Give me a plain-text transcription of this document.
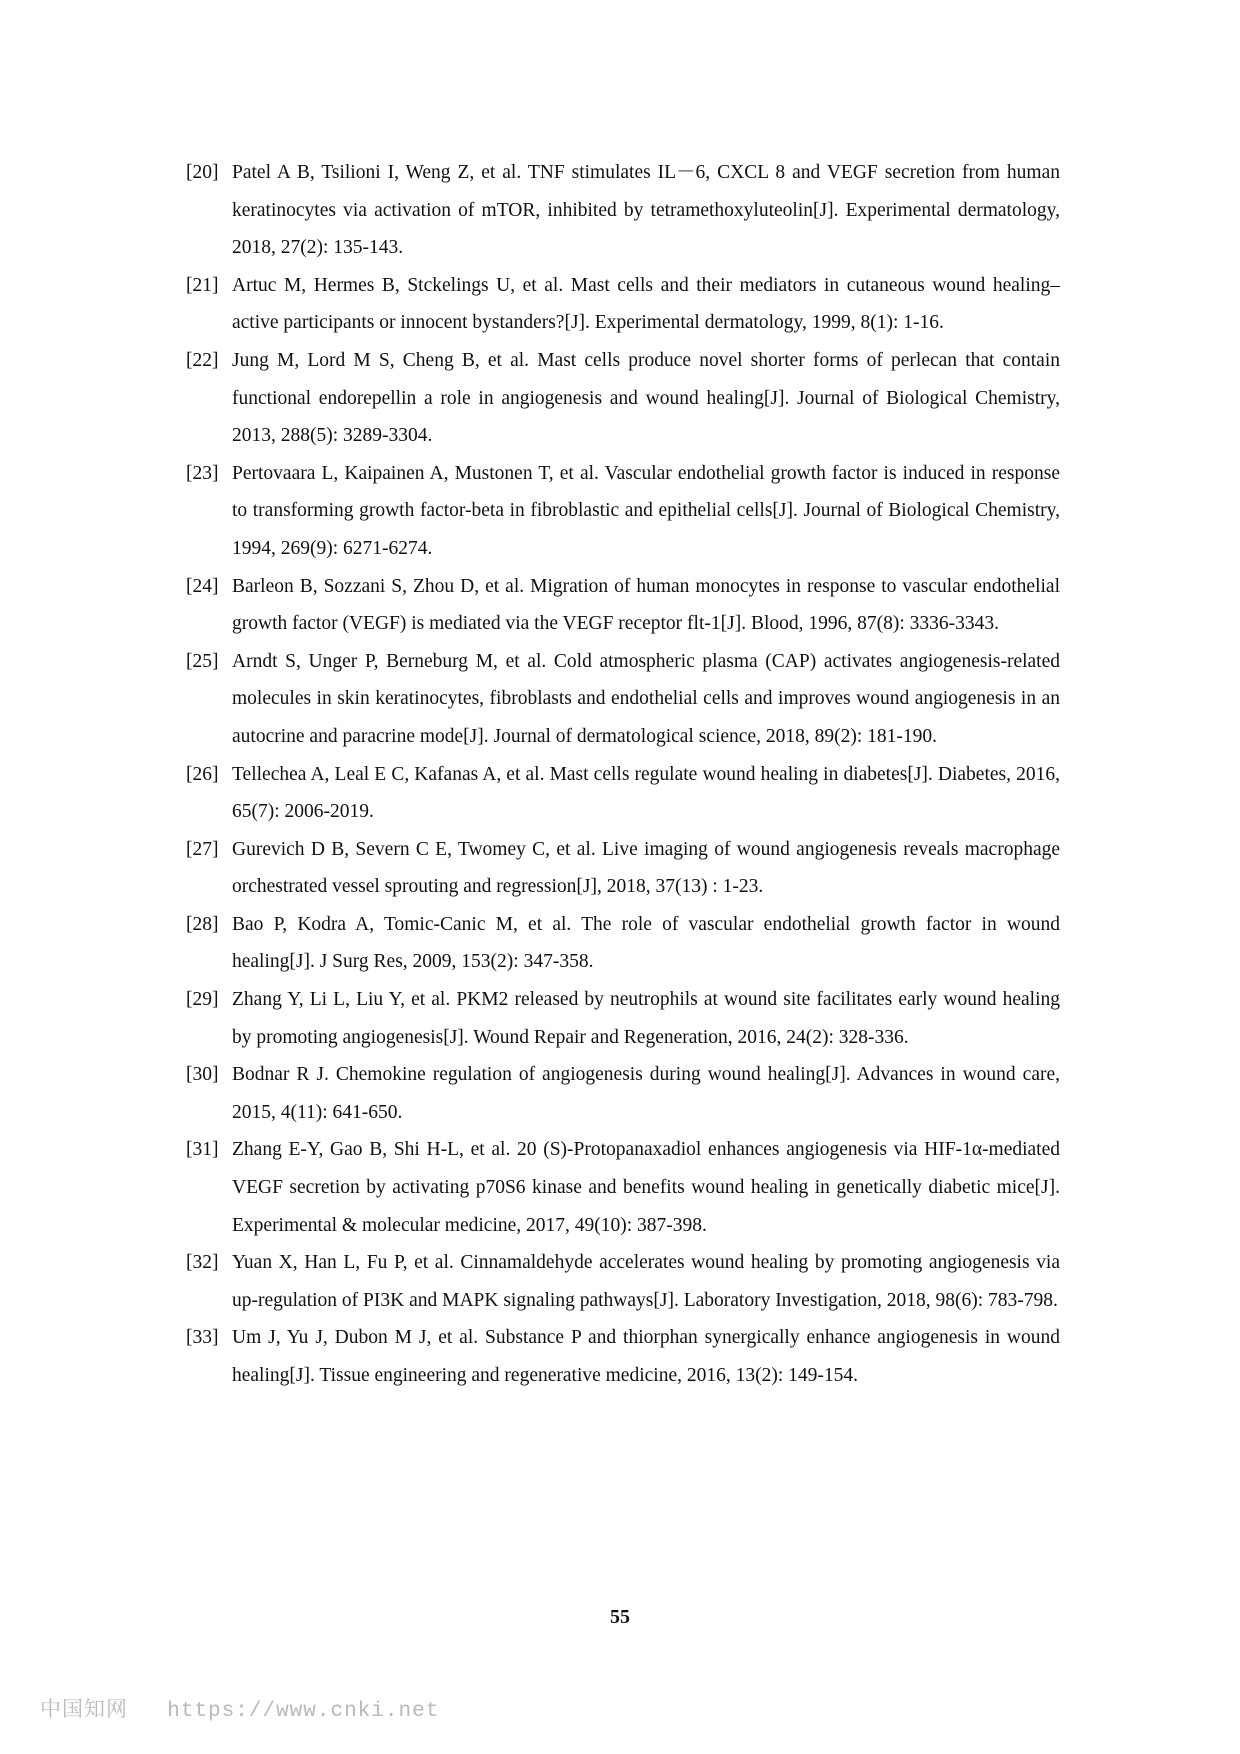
[20] Patel A B, Tsilioni I, Weng Z, et al. TNF stimulates IL－6, CXCL 8 and VEGF secretion from human keratinocytes via activation of mTOR, inhibited by tetramethoxyluteolin[J]. Experimental dermatology, 2018, 27(2): 135-143.
[21] Artuc M, Hermes B, Stckelings U, et al. Mast cells and their mediators in cutaneous wound healing–active participants or innocent bystanders?[J]. Experimental dermatology, 1999, 8(1): 1-16.
[22] Jung M, Lord M S, Cheng B, et al. Mast cells produce novel shorter forms of perlecan that contain functional endorepellin a role in angiogenesis and wound healing[J]. Journal of Biological Chemistry, 2013, 288(5): 3289-3304.
[23] Pertovaara L, Kaipainen A, Mustonen T, et al. Vascular endothelial growth factor is induced in response to transforming growth factor-beta in fibroblastic and epithelial cells[J]. Journal of Biological Chemistry, 1994, 269(9): 6271-6274.
[24] Barleon B, Sozzani S, Zhou D, et al. Migration of human monocytes in response to vascular endothelial growth factor (VEGF) is mediated via the VEGF receptor flt-1[J]. Blood, 1996, 87(8): 3336-3343.
[25] Arndt S, Unger P, Berneburg M, et al. Cold atmospheric plasma (CAP) activates angiogenesis-related molecules in skin keratinocytes, fibroblasts and endothelial cells and improves wound angiogenesis in an autocrine and paracrine mode[J]. Journal of dermatological science, 2018, 89(2): 181-190.
[26] Tellechea A, Leal E C, Kafanas A, et al. Mast cells regulate wound healing in diabetes[J]. Diabetes, 2016, 65(7): 2006-2019.
[27] Gurevich D B, Severn C E, Twomey C, et al. Live imaging of wound angiogenesis reveals macrophage orchestrated vessel sprouting and regression[J], 2018, 37(13) : 1-23.
[28] Bao P, Kodra A, Tomic-Canic M, et al. The role of vascular endothelial growth factor in wound healing[J]. J Surg Res, 2009, 153(2): 347-358.
[29] Zhang Y, Li L, Liu Y, et al. PKM2 released by neutrophils at wound site facilitates early wound healing by promoting angiogenesis[J]. Wound Repair and Regeneration, 2016, 24(2): 328-336.
[30] Bodnar R J. Chemokine regulation of angiogenesis during wound healing[J]. Advances in wound care, 2015, 4(11): 641-650.
[31] Zhang E-Y, Gao B, Shi H-L, et al. 20 (S)-Protopanaxadiol enhances angiogenesis via HIF-1α-mediated VEGF secretion by activating p70S6 kinase and benefits wound healing in genetically diabetic mice[J]. Experimental & molecular medicine, 2017, 49(10): 387-398.
[32] Yuan X, Han L, Fu P, et al. Cinnamaldehyde accelerates wound healing by promoting angiogenesis via up-regulation of PI3K and MAPK signaling pathways[J]. Laboratory Investigation, 2018, 98(6): 783-798.
[33] Um J, Yu J, Dubon M J, et al. Substance P and thiorphan synergically enhance angiogenesis in wound healing[J]. Tissue engineering and regenerative medicine, 2016, 13(2): 149-154.
55
中国知网 https://www.cnki.net
